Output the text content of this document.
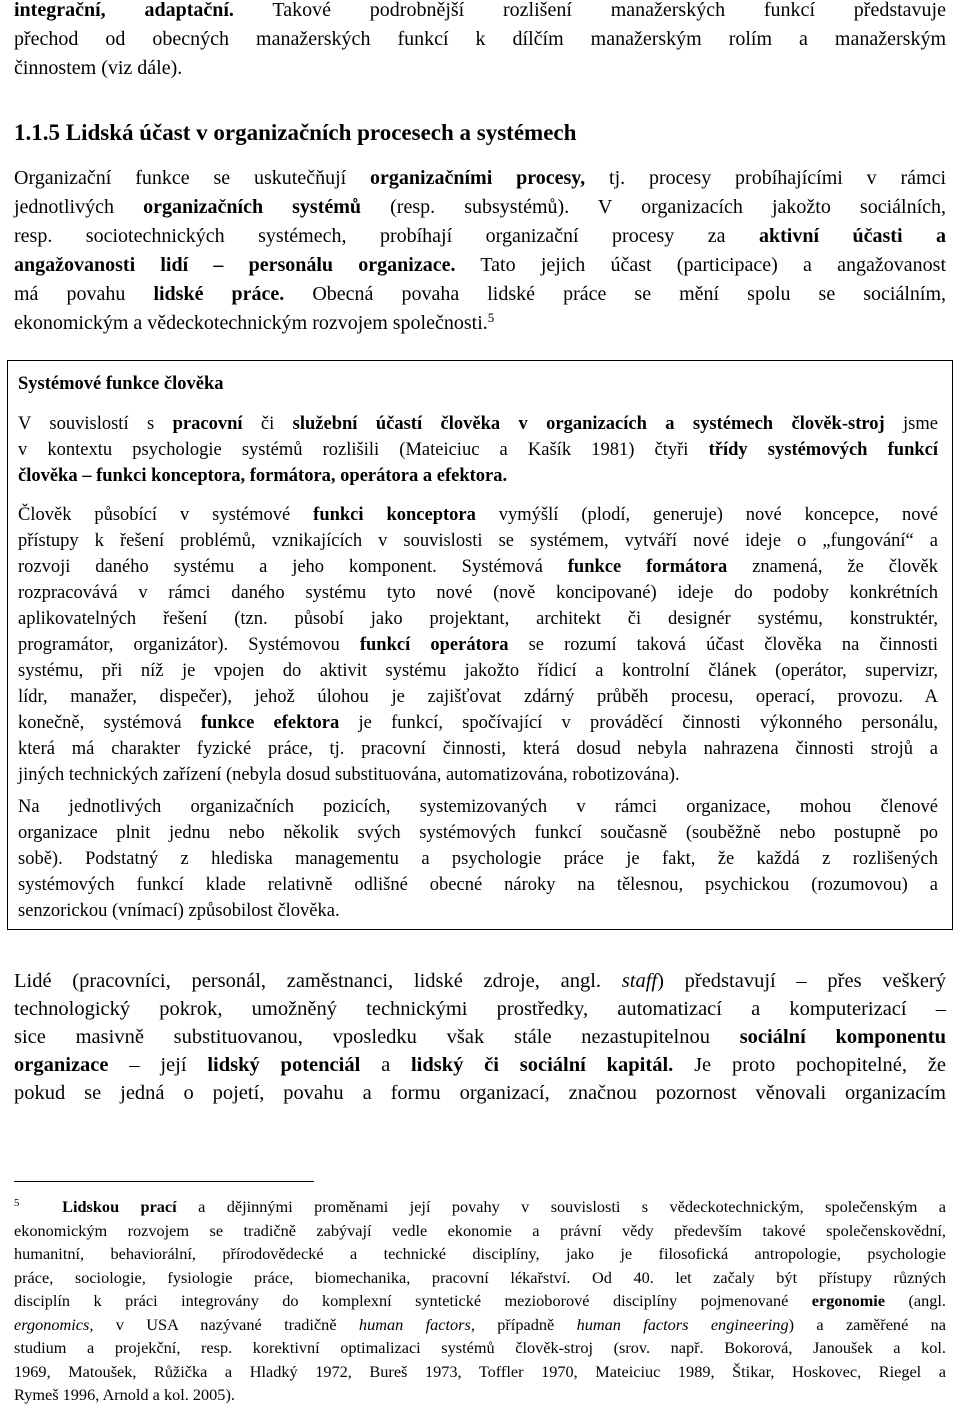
integrační, adaptační. Takové podrobnější rozlišení manažerských funkcí představuje
přechod od obecných manažerských funkcí k dílčím manažerským rolím a manažerským
činnostem (viz dále).
1.1.5 Lidská účast v organizačních procesech a systémech
Organizační funkce se uskutečňují organizačními procesy, tj. procesy probíhajícími v rámci
jednotlivých organizačních systémů (resp. subsystémů). V organizacích jakožto sociálních,
resp. sociotechnických systémech, probíhají organizační procesy za aktivní účasti a
angažovanosti lidí – personálu organizace. Tato jejich účast (participace) a angažovanost
má povahu lidské práce. Obecná povaha lidské práce se mění spolu se sociálním,
ekonomickým a vědeckotechnickým rozvojem společnosti.$^5$
Systémové funkce člověka
V souvislostí s pracovní či služební účastí člověka v organizacích a systémech člověk-stroj jsme
v kontextu psychologie systémů rozlišili (Mateiciuc a Kašík 1981) čtyři třídy systémových funkcí
člověka – funkci konceptora, formátora, operátora a efektora.
Člověk působící v systémové funkci konceptora vymýšlí (plodí, generuje) nové koncepce, nové
přístupy k řešení problémů, vznikajících v souvislosti se systémem, vytváří nové ideje o „fungování“ a
rozvoji daného systému a jeho komponent. Systémová funkce formátora znamená, že člověk
rozpracovává v rámci daného systému tyto nové (nově koncipované) ideje do podoby konkrétních
aplikovatelných řešení (tzn. působí jako projektant, architekt či designér systému, konstruktér,
programátor, organizátor). Systémovou funkcí operátora se rozumí taková účast člověka na činnosti
systému, při níž je vpojen do aktivit systému jakožto řídicí a kontrolní článek (operátor, supervizr,
lídr, manažer, dispečer), jehož úlohou je zajišťovat zdárný průběh procesu, operací, provozu. A
konečně, systémová funkce efektora je funkcí, spočívající v prováděcí činnosti výkonného personálu,
která má charakter fyzické práce, tj. pracovní činnosti, která dosud nebyla nahrazena činnosti strojů a
jiných technických zařízení (nebyla dosud substituována, automatizována, robotizována).
Na jednotlivých organizačních pozicích, systemizovaných v rámci organizace, mohou členové
organizace plnit jednu nebo několik svých systémových funkcí současně (souběžně nebo postupně po
sobě). Podstatný z hlediska managementu a psychologie práce je fakt, že každá z rozlišených
systémových funkcí klade relativně odlišné obecné nároky na tělesnou, psychickou (rozumovou) a
senzorickou (vnímací) způsobilost člověka.
Lidé (pracovníci, personál, zaměstnanci, lidské zdroje, angl. staff) představují – přes veškerý
technologický pokrok, umožněný technickými prostředky, automatizací a komputerizací –
sice masivně substituovanou, vposledku však stále nezastupitelnou sociální komponentu
organizace – její lidský potenciál a lidský či sociální kapitál. Je proto pochopitelné, že
pokud se jedná o pojetí, povahu a formu organizací, značnou pozornost věnovali organizacím
$^5$	Lidskou prací a dějinnými proměnami její povahy v souvislosti s vědeckotechnickým, společenským a
ekonomickým rozvojem se tradičně zabývají vedle ekonomie a právní vědy především takové společenskovědní,
humanitní, behaviorální, přírodovědecké a technické disciplíny, jako je filosofická antropologie, psychologie
práce, sociologie, fysiologie práce, biomechanika, pracovní lékařství. Od 40. let začaly být přístupy různých
disciplín k práci integrovány do komplexní syntetické mezioborové disciplíny pojmenované ergonomie (angl.
ergonomics, v USA nazývané tradičně human factors, případně human factors engineering) a zaměřené na
studium a projekční, resp. korektivní optimalizaci systémů člověk-stroj (srov. např. Bokorová, Janoušek a kol.
1969, Matoušek, Růžička a Hladký 1972, Bureš 1973, Toffler 1970, Mateiciuc 1989, Štikar, Hoskovec, Riegel a
Rymeš 1996, Arnold a kol. 2005).
